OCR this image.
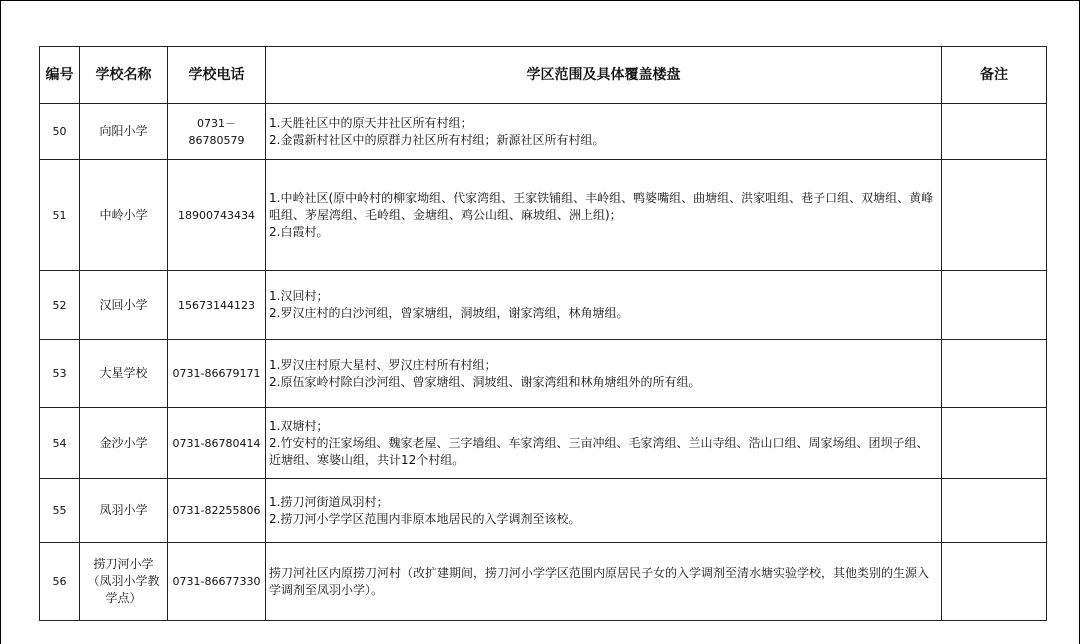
编号	学校名称	学校电话	学区范围及具体覆盖楼盘	备注
50	向阳小学	0731－86780579	1.天胜社区中的原天井社区所有村组；
2.金霞新村社区中的原群力社区所有村组；新源社区所有村组。	
51	中岭小学	18900743434	1.中岭社区(原中岭村的柳家坳组、代家湾组、王家铁铺组、丰岭组、鸭婆嘴组、曲塘组、洪家咀组、巷子口组、双塘组、黄峰咀组、茅屋湾组、毛岭组、金塘组、鸡公山组、麻坡组、洲上组)；
2.白霞村。	
52	汉回小学	15673144123	1.汉回村；
2.罗汉庄村的白沙河组，曾家塘组，洞坡组，谢家湾组，林角塘组。	
53	大星学校	0731-86679171	1.罗汉庄村原大星村、罗汉庄村所有村组；
2.原伍家岭村除白沙河组、曾家塘组、洞坡组、谢家湾组和林角塘组外的所有组。	
54	金沙小学	0731-86780414	1.双塘村；
2.竹安村的汪家场组、魏家老屋、三字墙组、车家湾组、三亩冲组、毛家湾组、兰山寺组、浩山口组、周家场组、团坝子组、近塘组、寒婆山组，共计12个村组。	
55	凤羽小学	0731-82255806	1.捞刀河街道凤羽村；
2.捞刀河小学学区范围内非原本地居民的入学调剂至该校。	
56	捞刀河小学（凤羽小学教学点）	0731-86677330	捞刀河社区内原捞刀河村（改扩建期间，捞刀河小学学区范围内原居民子女的入学调剂至清水塘实验学校，其他类别的生源入学调剂至凤羽小学）。	
